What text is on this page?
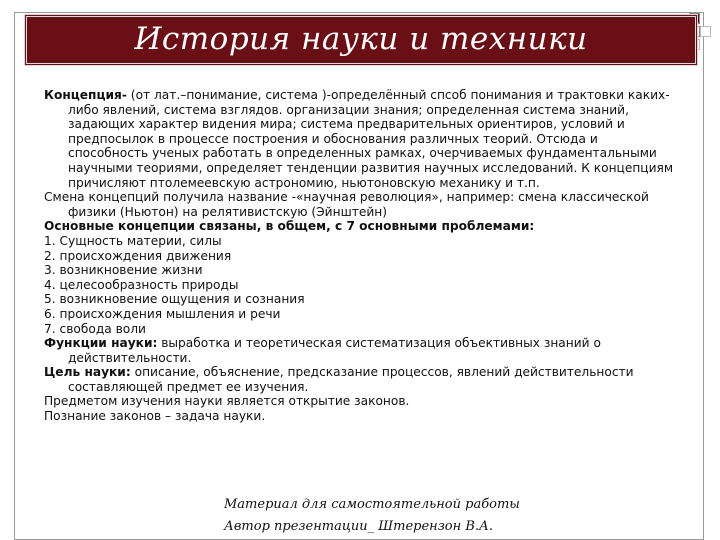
История науки и техники

Концепция- (от лат.–понимание, система )-определённый спсоб понимания и трактовки каких-либо явлений, система взглядов. организации знания; определенная система знаний, задающих характер видения мира; система предварительных ориентиров, условий и предпосылок в процессе построения и обоснования различных теорий. Отсюда и способность ученых работать в определенных рамках, очерчиваемых фундаментальными научными теориями, определяет тенденции развития научных исследований. К концепциям причисляют птолемеевскую астрономию, ньютоновскую механику и т.п.

Смена концепций получила название -«научная революция», например: смена классической физики (Ньютон) на релятивистскую (Эйнштейн)

Основные концепции связаны, в общем, с 7 основными проблемами:

1. Сущность материи, силы

2. происхождения движения

3. возникновение жизни

4. целесообразность природы

5. возникновение ощущения и сознания

6. происхождения мышления и речи

7. свобода воли

Функции науки: выработка и теоретическая систематизация объективных знаний о действительности.

Цель науки: описание, объяснение, предсказание процессов, явлений действительности составляющей предмет ее изучения.

Предметом изучения науки является открытие законов.

Познание законов – задача науки.

Материал для самостоятельной работы
Автор презентации_ Штерензон В.А.
